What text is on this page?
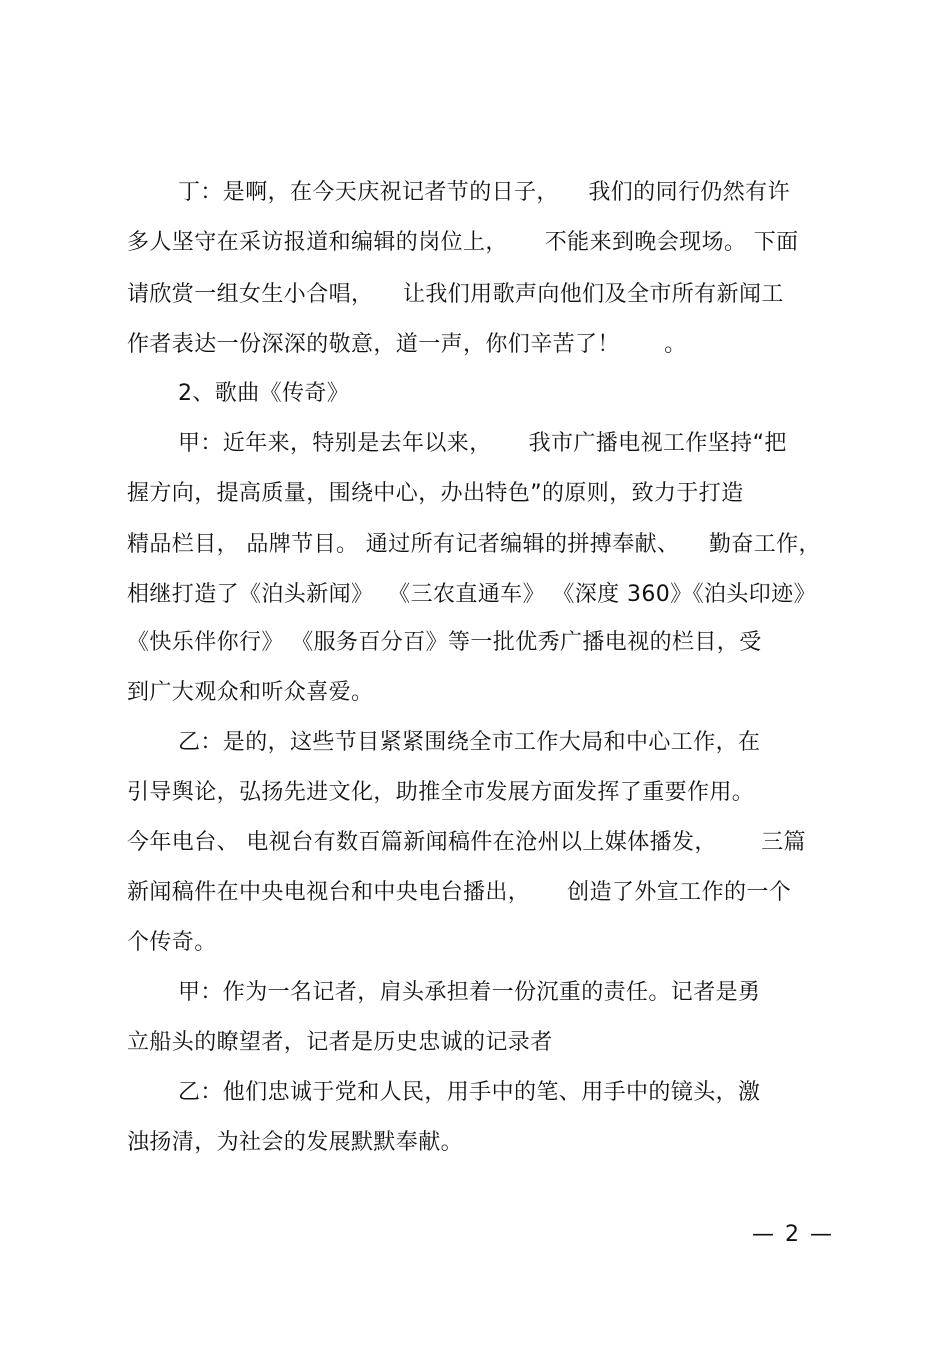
丁：是啊，在今天庆祝记者节的日子，    我们的同行仍然有许
多人坚守在采访报道和编辑的岗位上，     不能来到晚会现场。 下面
请欣赏一组女生小合唱，    让我们用歌声向他们及全市所有新闻工
作者表达一份深深的敬意，道一声，你们辛苦了！      。
2、歌曲《传奇》
甲：近年来，特别是去年以来，     我市广播电视工作坚持“把
握方向，提高质量，围绕中心，办出特色”的原则，致力于打造
精品栏目， 品牌节目。 通过所有记者编辑的拼搏奉献、    勤奋工作，
相继打造了《泊头新闻》  《三农直通车》 《深度 360》《泊头印迹》
《快乐伴你行》 《服务百分百》等一批优秀广播电视的栏目，受
到广大观众和听众喜爱。
乙：是的，这些节目紧紧围绕全市工作大局和中心工作，在
引导舆论，弘扬先进文化，助推全市发展方面发挥了重要作用。
今年电台、 电视台有数百篇新闻稿件在沧州以上媒体播发，      三篇
新闻稿件在中央电视台和中央电台播出，     创造了外宣工作的一个
个传奇。
甲：作为一名记者，肩头承担着一份沉重的责任。记者是勇
立船头的瞭望者，记者是历史忠诚的记录者
乙：他们忠诚于党和人民，用手中的笔、用手中的镜头，激
浊扬清，为社会的发展默默奉献。
— 2 —
